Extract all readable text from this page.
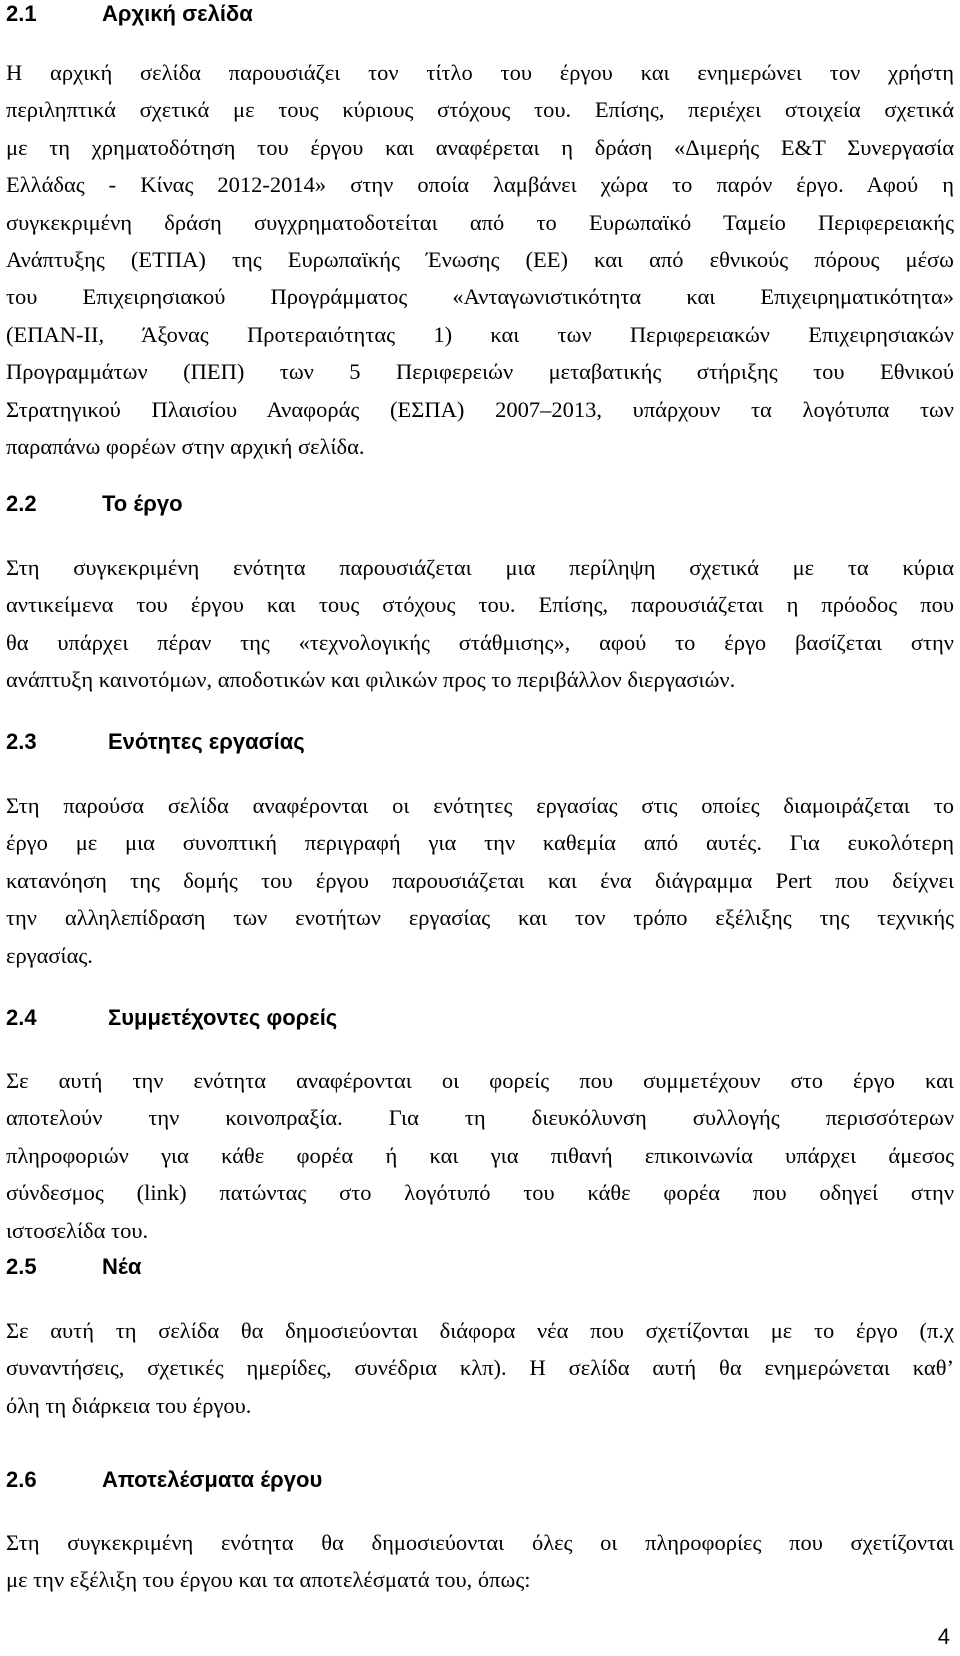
2.1	Αρχική σελίδα
Η αρχική σελίδα παρουσιάζει τον τίτλο του έργου και ενημερώνει τον χρήστη
περιληπτικά σχετικά με τους κύριους στόχους του. Επίσης, περιέχει στοιχεία σχετικά
με τη χρηματοδότηση του έργου και αναφέρεται η δράση «Διμερής Ε&Τ Συνεργασία
Ελλάδας - Κίνας 2012-2014» στην οποία λαμβάνει χώρα το παρόν έργο. Αφού η
συγκεκριμένη δράση συγχρηματοδοτείται από το Ευρωπαϊκό Ταμείο Περιφερειακής
Ανάπτυξης (ΕΤΠΑ) της Ευρωπαϊκής Ένωσης (ΕΕ) και από εθνικούς πόρους μέσω
του Επιχειρησιακού Προγράμματος «Ανταγωνιστικότητα και Επιχειρηματικότητα»
(ΕΠΑΝ-ΙΙ, Άξονας Προτεραιότητας 1) και των Περιφερειακών Επιχειρησιακών
Προγραμμάτων (ΠΕΠ) των 5 Περιφερειών μεταβατικής στήριξης του Εθνικού
Στρατηγικού Πλαισίου Αναφοράς (ΕΣΠΑ) 2007–2013, υπάρχουν τα λογότυπα των
παραπάνω φορέων στην αρχική σελίδα.
2.2	Το έργο
Στη συγκεκριμένη ενότητα παρουσιάζεται μια περίληψη σχετικά με τα κύρια
αντικείμενα του έργου και τους στόχους του. Επίσης, παρουσιάζεται η πρόοδος που
θα υπάρχει πέραν της «τεχνολογικής στάθμισης», αφού το έργο βασίζεται στην
ανάπτυξη καινοτόμων, αποδοτικών και φιλικών προς το περιβάλλον διεργασιών.
2.3	Ενότητες εργασίας
Στη παρούσα σελίδα αναφέρονται οι ενότητες εργασίας στις οποίες διαμοιράζεται το
έργο με μια συνοπτική περιγραφή για την καθεμία από αυτές. Για ευκολότερη
κατανόηση της δομής του έργου παρουσιάζεται και ένα διάγραμμα Pert που δείχνει
την αλληλεπίδραση των ενοτήτων εργασίας και τον τρόπο εξέλιξης της τεχνικής
εργασίας.
2.4	Συμμετέχοντες φορείς
Σε αυτή την ενότητα αναφέρονται οι φορείς που συμμετέχουν στο έργο και
αποτελούν την κοινοπραξία. Για τη διευκόλυνση συλλογής περισσότερων
πληροφοριών για κάθε φορέα ή και για πιθανή επικοινωνία υπάρχει άμεσος
σύνδεσμος (link) πατώντας στο λογότυπό του κάθε φορέα που οδηγεί στην
ιστοσελίδα του.
2.5	Νέα
Σε αυτή τη σελίδα θα δημοσιεύονται διάφορα νέα που σχετίζονται με το έργο (π.χ
συναντήσεις, σχετικές ημερίδες, συνέδρια κλπ). Η σελίδα αυτή θα ενημερώνεται καθ’
όλη τη διάρκεια του έργου.
2.6	Αποτελέσματα έργου
Στη συγκεκριμένη ενότητα θα δημοσιεύονται όλες οι πληροφορίες που σχετίζονται
με την εξέλιξη του έργου και τα αποτελέσματά του, όπως:
4
